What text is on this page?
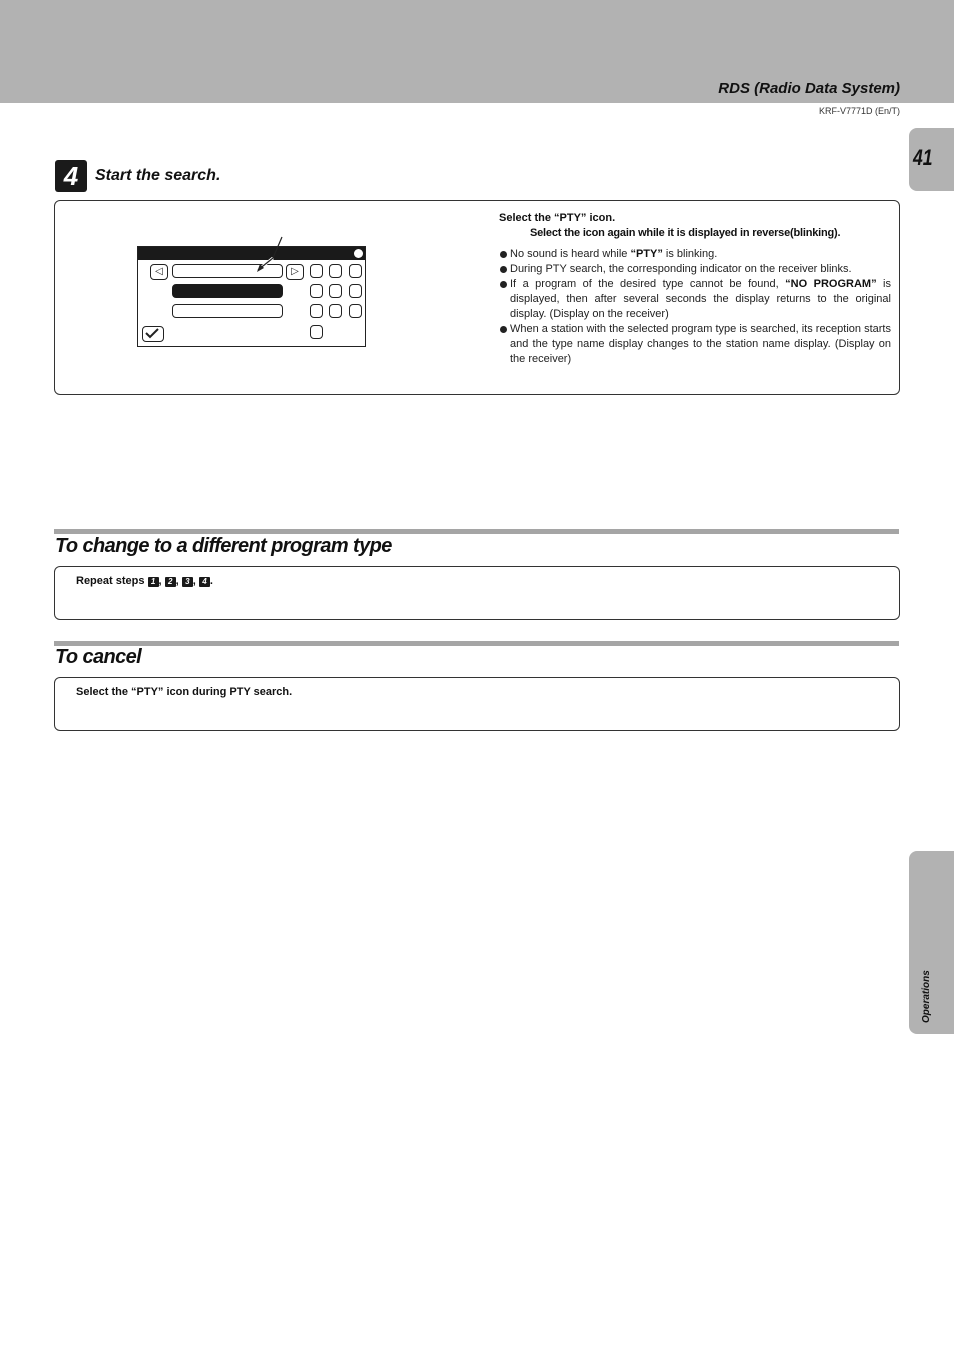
RDS (Radio Data System)
KRF-V7771D (En/T)
41
Operations
4	Start the search.
◁	▷
Select the “PTY” icon.
Select the icon again while it is displayed in reverse(blinking).
No sound is heard while “PTY” is blinking.
During PTY search, the corresponding indicator on the receiver blinks.
If a program of the desired type cannot be found, “NO PROGRAM” is displayed, then after several seconds the display returns to the original display. (Display on the receiver)
When a station with the selected program type is searched, its reception starts and the type name display changes to the station name display. (Display on the receiver)
To change to a different program type
Repeat steps 1 , 2 , 3 , 4 .
To cancel
Select the “PTY” icon during PTY search.
